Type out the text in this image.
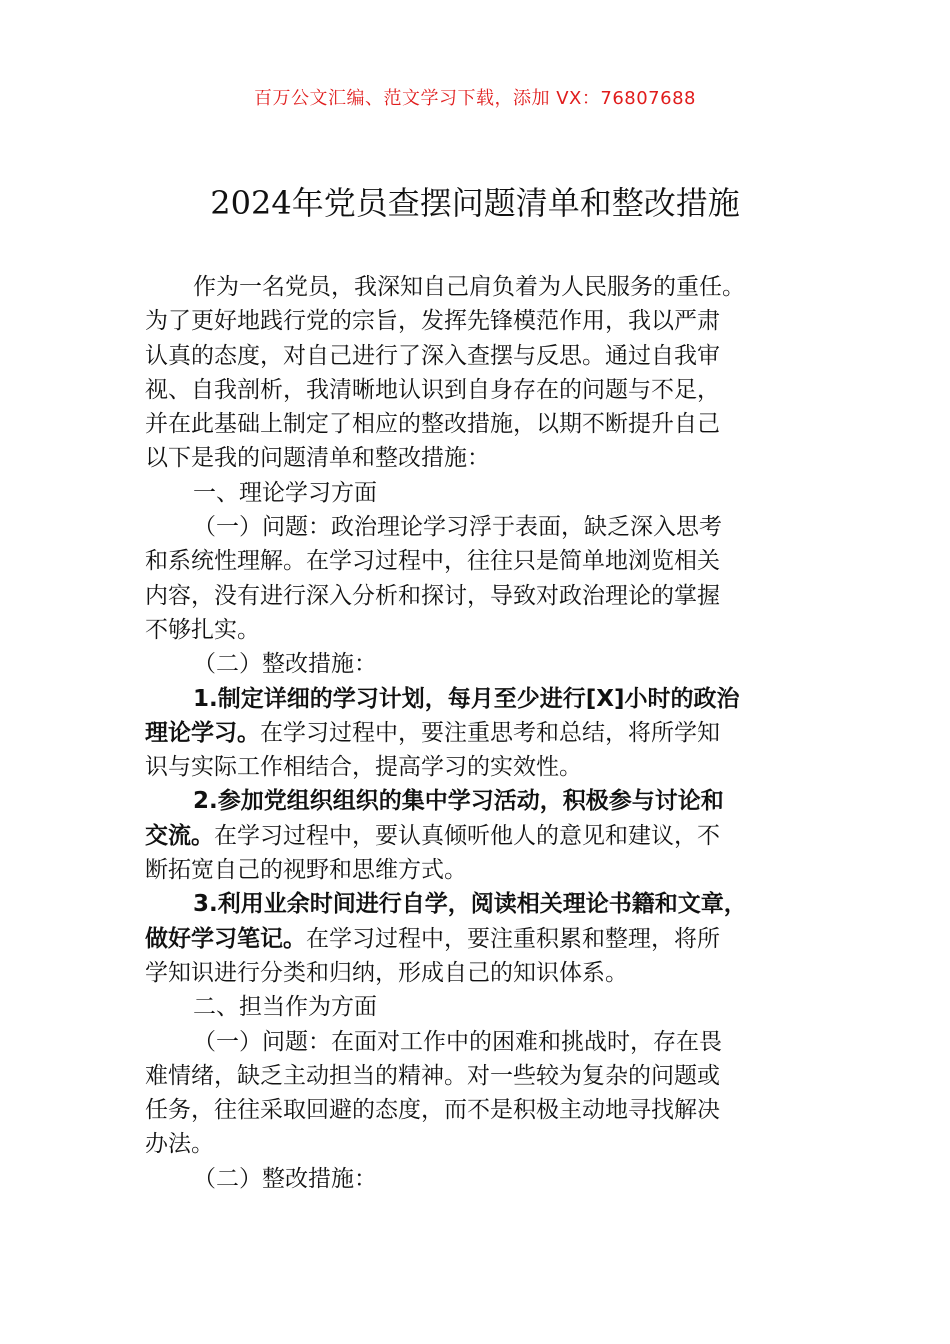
百万公文汇编、范文学习下载，添加 VX：76807688
2024年党员查摆问题清单和整改措施
作为一名党员，我深知自己肩负着为人民服务的重任。
为了更好地践行党的宗旨，发挥先锋模范作用，我以严肃
认真的态度，对自己进行了深入查摆与反思。通过自我审
视、自我剖析，我清晰地认识到自身存在的问题与不足，
并在此基础上制定了相应的整改措施，以期不断提升自己
以下是我的问题清单和整改措施：
一、理论学习方面
（一）问题：政治理论学习浮于表面，缺乏深入思考
和系统性理解。在学习过程中，往往只是简单地浏览相关
内容，没有进行深入分析和探讨，导致对政治理论的掌握
不够扎实。
（二）整改措施：
1.制定详细的学习计划，每月至少进行[X]小时的政治
理论学习。在学习过程中，要注重思考和总结，将所学知
识与实际工作相结合，提高学习的实效性。
2.参加党组织组织的集中学习活动，积极参与讨论和
交流。在学习过程中，要认真倾听他人的意见和建议，不
断拓宽自己的视野和思维方式。
3.利用业余时间进行自学，阅读相关理论书籍和文章，
做好学习笔记。在学习过程中，要注重积累和整理，将所
学知识进行分类和归纳，形成自己的知识体系。
二、担当作为方面
（一）问题：在面对工作中的困难和挑战时，存在畏
难情绪，缺乏主动担当的精神。对一些较为复杂的问题或
任务，往往采取回避的态度，而不是积极主动地寻找解决
办法。
（二）整改措施：
